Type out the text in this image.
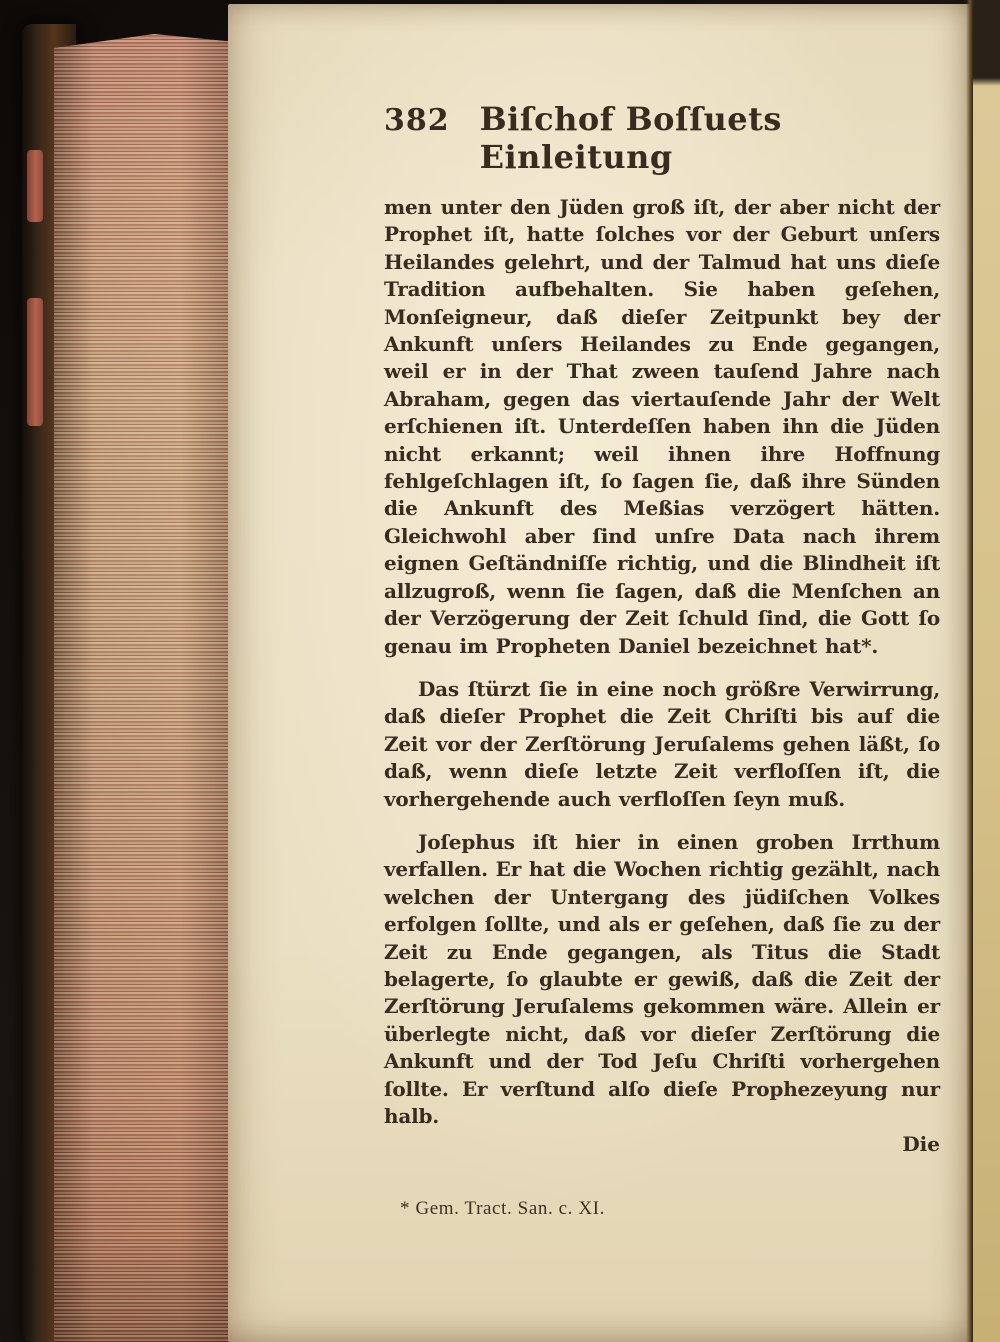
382 Biſchof Boſſuets Einleitung

men unter den Jüden groß iſt, der aber nicht der Prophet iſt, hatte ſolches vor der Geburt unſers Heilandes gelehrt, und der Talmud hat uns dieſe Tradition aufbehalten. Sie haben geſehen, Monſeigneur, daß dieſer Zeitpunkt bey der Ankunft unſers Heilandes zu Ende gegangen, weil er in der That zween tauſend Jahre nach Abraham, gegen das viertauſende Jahr der Welt erſchienen iſt. Unterdeſſen haben ihn die Jüden nicht erkannt; weil ihnen ihre Hoffnung fehlgeſchlagen iſt, ſo ſagen ſie, daß ihre Sünden die Ankunft des Meßias verzögert hätten. Gleichwohl aber ſind unſre Data nach ihrem eignen Geſtändniſſe richtig, und die Blindheit iſt allzugroß, wenn ſie ſagen, daß die Menſchen an der Verzögerung der Zeit ſchuld ſind, die Gott ſo genau im Propheten Daniel bezeichnet hat*.

Das ſtürzt ſie in eine noch größre Verwirrung, daß dieſer Prophet die Zeit Chriſti bis auf die Zeit vor der Zerſtörung Jeruſalems gehen läßt, ſo daß, wenn dieſe letzte Zeit verfloſſen iſt, die vorhergehende auch verfloſſen ſeyn muß.

Joſephus iſt hier in einen groben Irrthum verfallen. Er hat die Wochen richtig gezählt, nach welchen der Untergang des jüdiſchen Volkes erfolgen ſollte, und als er geſehen, daß ſie zu der Zeit zu Ende gegangen, als Titus die Stadt belagerte, ſo glaubte er gewiß, daß die Zeit der Zerſtörung Jeruſalems gekommen wäre. Allein er überlegte nicht, daß vor dieſer Zerſtörung die Ankunft und der Tod Jeſu Chriſti vorhergehen ſollte. Er verſtund alſo dieſe Prophezeyung nur halb.

Die
* Gem. Tract. San. c. XI.
